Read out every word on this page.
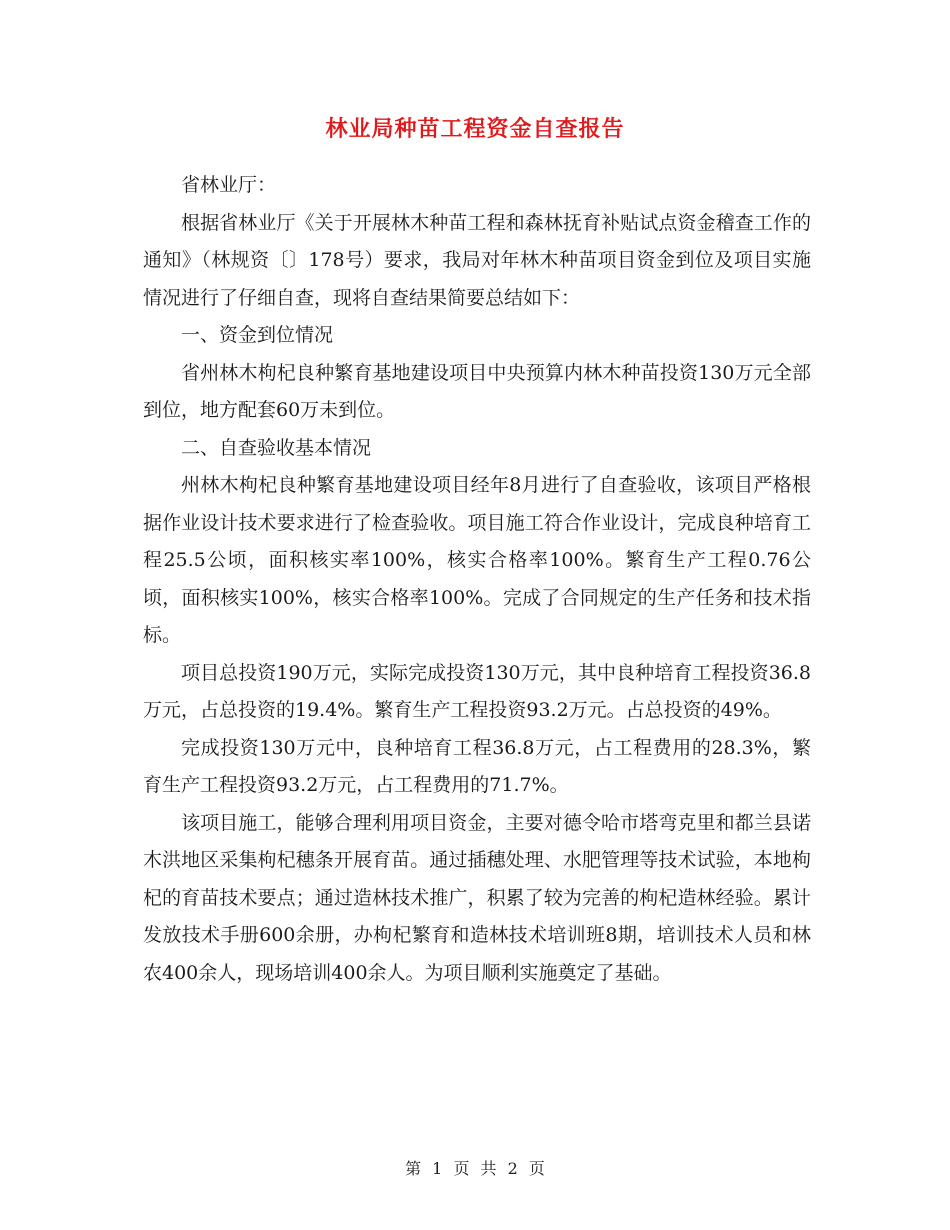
林业局种苗工程资金自查报告

省林业厅：

根据省林业厅《关于开展林木种苗工程和森林抚育补贴试点资金稽查工作的通知》（林规资〔〕178号）要求，我局对年林木种苗项目资金到位及项目实施情况进行了仔细自查，现将自查结果简要总结如下：

一、资金到位情况

省州林木枸杞良种繁育基地建设项目中央预算内林木种苗投资130万元全部到位，地方配套60万未到位。

二、自查验收基本情况

州林木枸杞良种繁育基地建设项目经年8月进行了自查验收，该项目严格根据作业设计技术要求进行了检查验收。项目施工符合作业设计，完成良种培育工程25.5公顷，面积核实率100%，核实合格率100%。繁育生产工程0.76公顷，面积核实100%，核实合格率100%。完成了合同规定的生产任务和技术指标。

项目总投资190万元，实际完成投资130万元，其中良种培育工程投资36.8万元，占总投资的19.4%。繁育生产工程投资93.2万元。占总投资的49%。

完成投资130万元中，良种培育工程36.8万元，占工程费用的28.3%，繁育生产工程投资93.2万元，占工程费用的71.7%。

该项目施工，能够合理利用项目资金，主要对德令哈市塔弯克里和都兰县诺木洪地区采集枸杞穗条开展育苗。通过插穗处理、水肥管理等技术试验，本地枸杞的育苗技术要点；通过造林技术推广，积累了较为完善的枸杞造林经验。累计发放技术手册600余册，办枸杞繁育和造林技术培训班8期，培训技术人员和林农400余人，现场培训400余人。为项目顺利实施奠定了基础。

第 1 页 共 2 页
